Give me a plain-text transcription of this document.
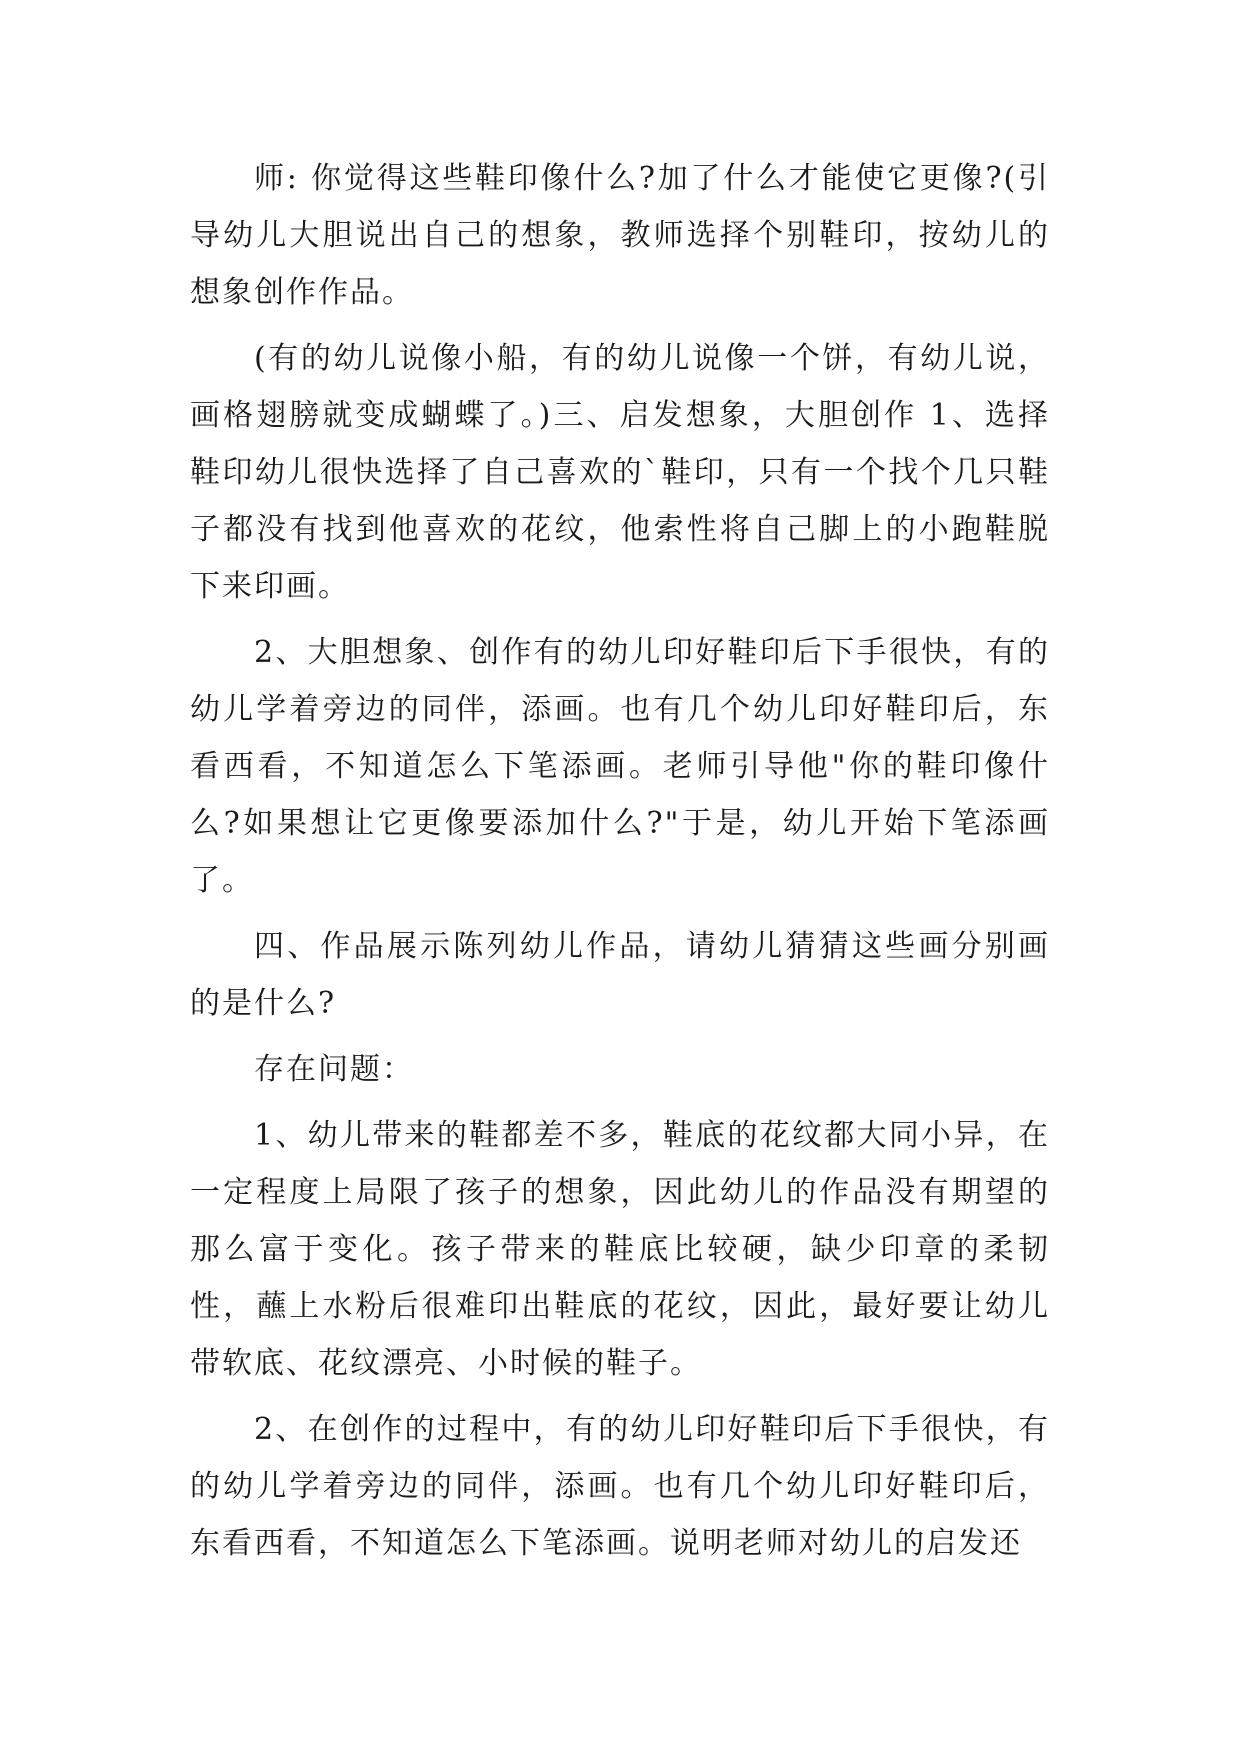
师: 你觉得这些鞋印像什么?加了什么才能使它更像?(引导幼儿大胆说出自己的想象，教师选择个别鞋印，按幼儿的想象创作作品。

(有的幼儿说像小船，有的幼儿说像一个饼，有幼儿说，画格翅膀就变成蝴蝶了。)三、启发想象，大胆创作 1、选择鞋印幼儿很快选择了自己喜欢的`鞋印，只有一个找个几只鞋子都没有找到他喜欢的花纹，他索性将自己脚上的小跑鞋脱下来印画。

2、大胆想象、创作有的幼儿印好鞋印后下手很快，有的幼儿学着旁边的同伴，添画。也有几个幼儿印好鞋印后，东看西看，不知道怎么下笔添画。老师引导他"你的鞋印像什么?如果想让它更像要添加什么?"于是，幼儿开始下笔添画了。

四、作品展示陈列幼儿作品，请幼儿猜猜这些画分别画的是什么?

存在问题：

1、幼儿带来的鞋都差不多，鞋底的花纹都大同小异，在一定程度上局限了孩子的想象，因此幼儿的作品没有期望的那么富于变化。孩子带来的鞋底比较硬，缺少印章的柔韧性，蘸上水粉后很难印出鞋底的花纹，因此，最好要让幼儿带软底、花纹漂亮、小时候的鞋子。

2、在创作的过程中，有的幼儿印好鞋印后下手很快，有的幼儿学着旁边的同伴，添画。也有几个幼儿印好鞋印后，东看西看，不知道怎么下笔添画。说明老师对幼儿的启发还
